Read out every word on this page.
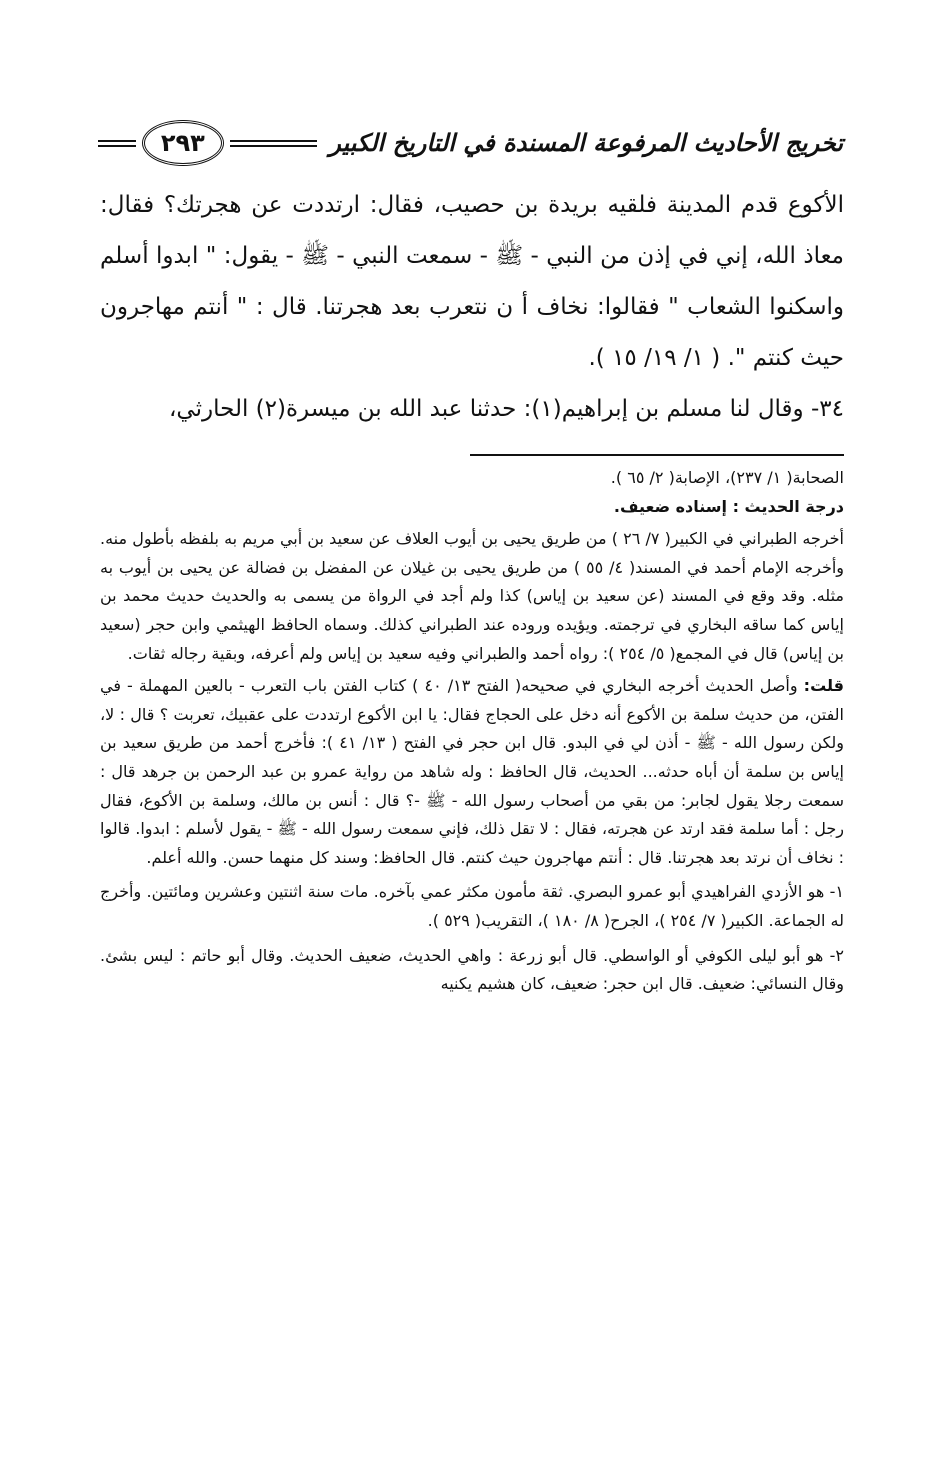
تخريج الأحاديث المرفوعة المسندة في التاريخ الكبير
٢٩٣

الأكوع قدم المدينة فلقيه بريدة بن حصيب، فقال: ارتددت عن هجرتك؟ فقال: معاذ الله، إني في إذن من النبي - ﷺ - سمعت النبي - ﷺ - يقول: " ابدوا أسلم واسكنوا الشعاب " فقالوا: نخاف أ ن نتعرب بعد هجرتنا. قال : " أنتم مهاجرون حيث كنتم ". ( ١/ ١٩/ ١٥ ).

٣٤- وقال لنا مسلم بن إبراهيم(١): حدثنا عبد الله بن ميسرة(٢) الحارثي،

الصحابة( ١/ ٢٣٧)، الإصابة( ٢/ ٦٥ ).

درجة الحديث : إسناده ضعيف.

أخرجه الطبراني في الكبير( ٧/ ٢٦ ) من طريق يحيى بن أيوب العلاف عن سعيد بن أبي مريم به بلفظه بأطول منه. وأخرجه الإمام أحمد في المسند( ٤/ ٥٥ ) من طريق يحيى بن غيلان عن المفضل بن فضالة عن يحيى بن أيوب به مثله. وقد وقع في المسند (عن سعيد بن إياس) كذا ولم أجد في الرواة من يسمى به والحديث حديث محمد بن إياس كما ساقه البخاري في ترجمته. ويؤيده وروده عند الطبراني كذلك. وسماه الحافظ الهيثمي وابن حجر (سعيد بن إياس) قال في المجمع( ٥/ ٢٥٤ ): رواه أحمد والطبراني وفيه سعيد بن إياس ولم أعرفه، وبقية رجاله ثقات.

قلت: وأصل الحديث أخرجه البخاري في صحيحه( الفتح ١٣/ ٤٠ ) كتاب الفتن باب التعرب - بالعين المهملة - في الفتن، من حديث سلمة بن الأكوع أنه دخل على الحجاج فقال: يا ابن الأكوع ارتددت على عقبيك، تعربت ؟ قال : لا، ولكن رسول الله - ﷺ - أذن لي في البدو. قال ابن حجر في الفتح ( ١٣/ ٤١ ): فأخرج أحمد من طريق سعيد بن إياس بن سلمة أن أباه حدثه... الحديث، قال الحافظ : وله شاهد من رواية عمرو بن عبد الرحمن بن جرهد قال : سمعت رجلا يقول لجابر: من بقي من أصحاب رسول الله - ﷺ -؟ قال : أنس بن مالك، وسلمة بن الأكوع، فقال رجل : أما سلمة فقد ارتد عن هجرته، فقال : لا تقل ذلك، فإني سمعت رسول الله - ﷺ - يقول لأسلم : ابدوا. قالوا : نخاف أن نرتد بعد هجرتنا. قال : أنتم مهاجرون حيث كنتم. قال الحافظ: وسند كل منهما حسن. والله أعلم.

١- هو الأزدي الفراهيدي أبو عمرو البصري. ثقة مأمون مكثر عمي بآخره. مات سنة اثنتين وعشرين ومائتين. وأخرج له الجماعة. الكبير( ٧/ ٢٥٤ )، الجرح( ٨/ ١٨٠ )، التقريب( ٥٢٩ ).

٢- هو أبو ليلى الكوفي أو الواسطي. قال أبو زرعة : واهي الحديث، ضعيف الحديث. وقال أبو حاتم : ليس بشئ. وقال النسائي: ضعيف. قال ابن حجر: ضعيف، كان هشيم يكنيه
